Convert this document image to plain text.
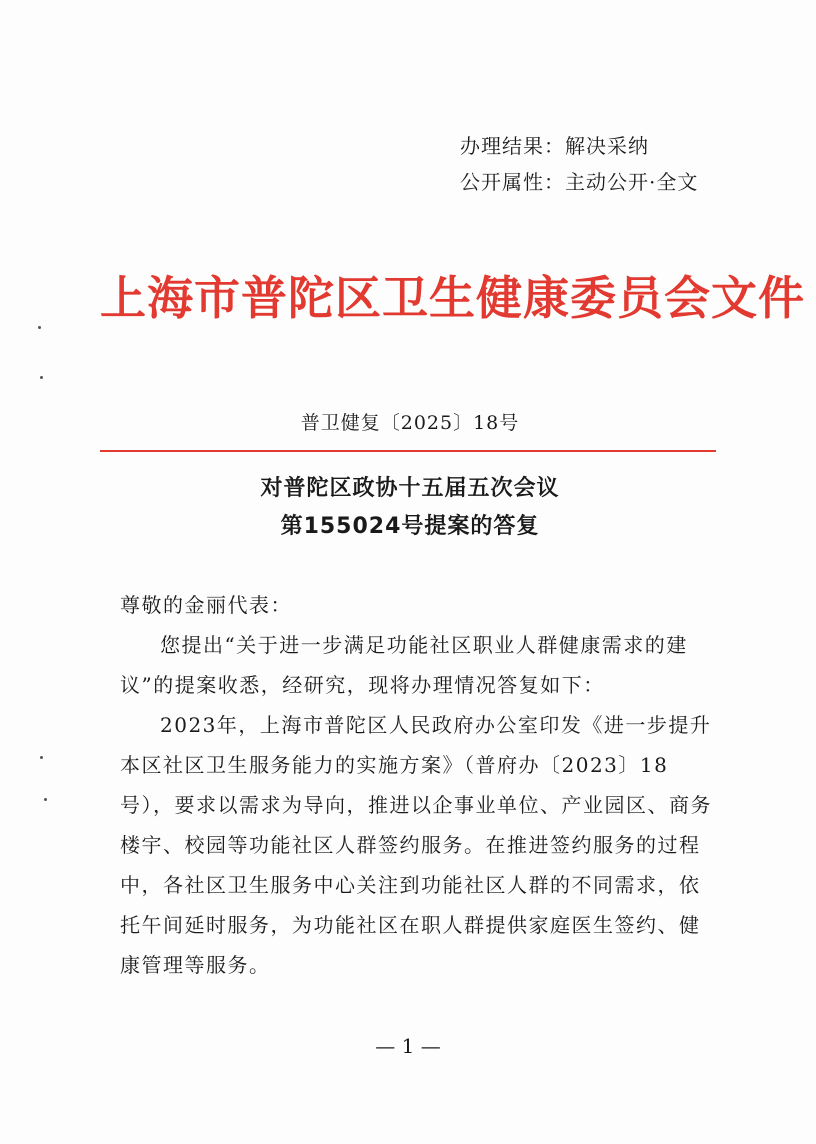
办理结果：解决采纳
公开属性：主动公开·全文
上海市普陀区卫生健康委员会文件
普卫健复〔2025〕18号
对普陀区政协十五届五次会议
第155024号提案的答复

尊敬的金丽代表：

您提出“关于进一步满足功能社区职业人群健康需求的建议”的提案收悉，经研究，现将办理情况答复如下：

2023年，上海市普陀区人民政府办公室印发《进一步提升本区社区卫生服务能力的实施方案》（普府办〔2023〕18号），要求以需求为导向，推进以企事业单位、产业园区、商务楼宇、校园等功能社区人群签约服务。在推进签约服务的过程中，各社区卫生服务中心关注到功能社区人群的不同需求，依托午间延时服务，为功能社区在职人群提供家庭医生签约、健康管理等服务。

— 1 —
